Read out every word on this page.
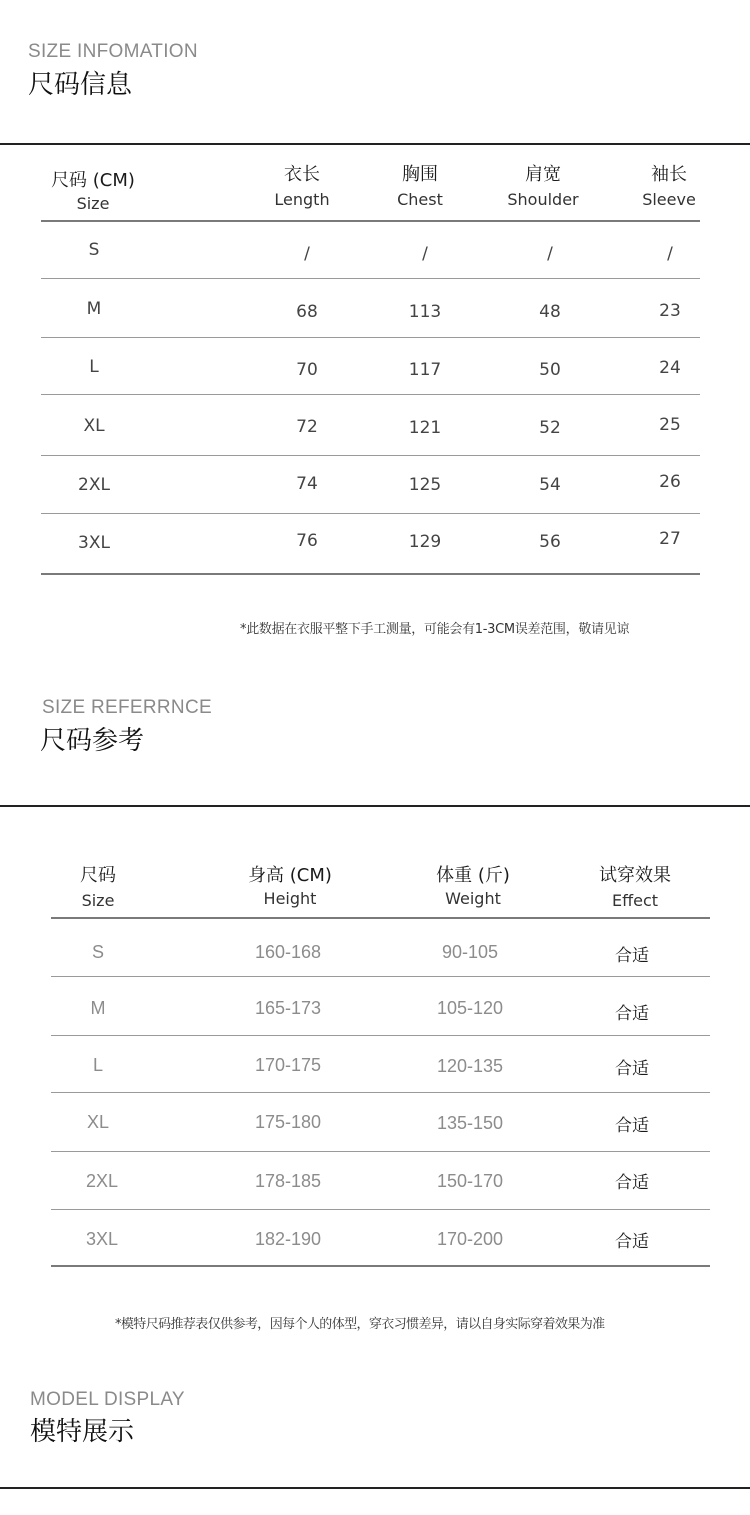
SIZE INFOMATION
尺码信息
尺码 (CM)
Size
衣长
Length
胸围
Chest
肩宽
Shoulder
袖长
Sleeve
S	/	/	/	/
M	68	113	48	23
L	70	117	50	24
XL	72	121	52	25
2XL	74	125	54	26
3XL	76	129	56	27
*此数据在衣服平整下手工测量，可能会有1-3CM误差范围，敬请见谅
SIZE REFERRNCE
尺码参考
尺码
Size
身高 (CM)
Height
体重 (斤)
Weight
试穿效果
Effect
S	160-168	90-105	合适
M	165-173	105-120	合适
L	170-175	120-135	合适
XL	175-180	135-150	合适
2XL	178-185	150-170	合适
3XL	182-190	170-200	合适
*模特尺码推荐表仅供参考，因每个人的体型，穿衣习惯差异，请以自身实际穿着效果为准
MODEL DISPLAY
模特展示
